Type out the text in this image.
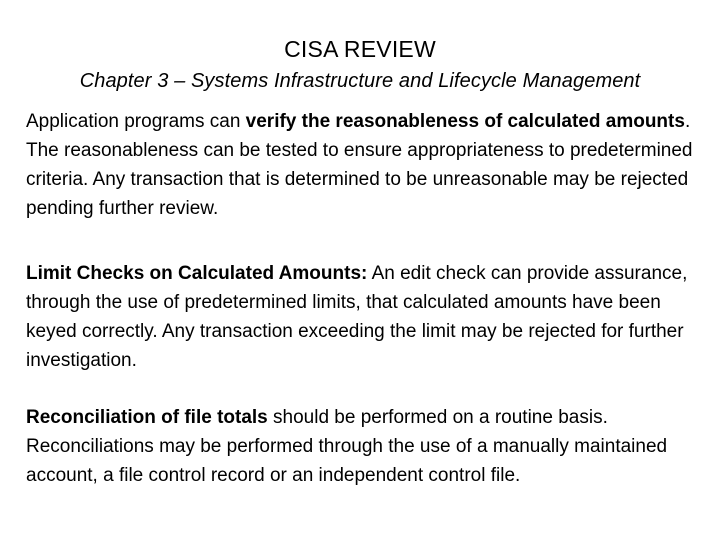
CISA REVIEW
Chapter 3 – Systems Infrastructure and Lifecycle Management
Application programs can verify the reasonableness of calculated amounts. The reasonableness can be tested to ensure appropriateness to predetermined criteria. Any transaction that is determined to be unreasonable may be rejected pending further review.
Limit Checks on Calculated Amounts: An edit check can provide assurance, through the use of predetermined limits, that calculated amounts have been keyed correctly. Any transaction exceeding the limit may be rejected for further investigation.
Reconciliation of file totals should be performed on a routine basis. Reconciliations may be performed through the use of a manually maintained account, a file control record or an independent control file.
